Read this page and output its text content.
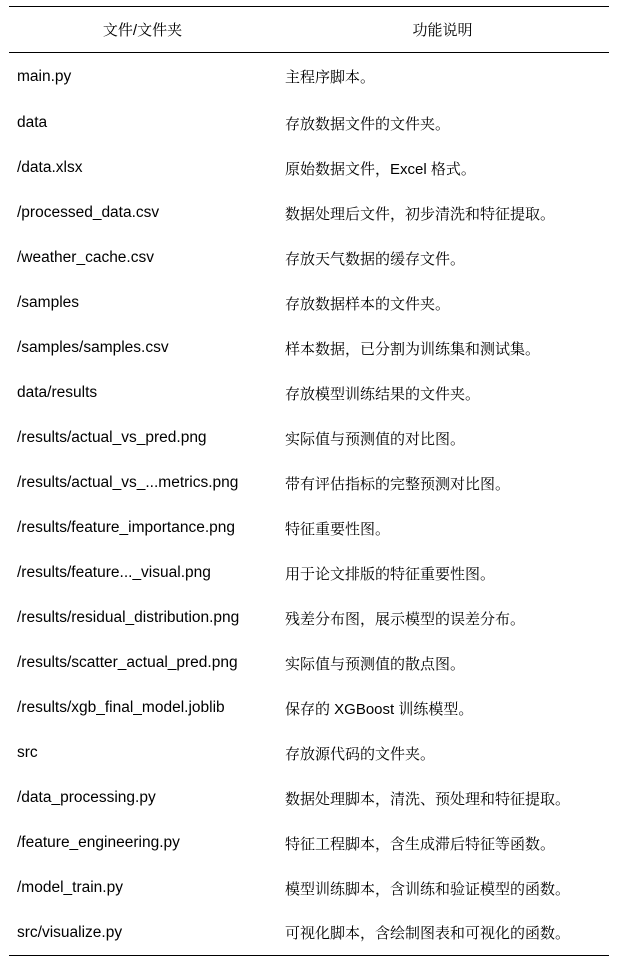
文件/文件夹	功能说明
main.py	主程序脚本。
data	存放数据文件的文件夹。
/data.xlsx	原始数据文件，Excel 格式。
/processed_data.csv	数据处理后文件，初步清洗和特征提取。
/weather_cache.csv	存放天气数据的缓存文件。
/samples	存放数据样本的文件夹。
/samples/samples.csv	样本数据，已分割为训练集和测试集。
data/results	存放模型训练结果的文件夹。
/results/actual_vs_pred.png	实际值与预测值的对比图。
/results/actual_vs_...metrics.png	带有评估指标的完整预测对比图。
/results/feature_importance.png	特征重要性图。
/results/feature..._visual.png	用于论文排版的特征重要性图。
/results/residual_distribution.png	残差分布图，展示模型的误差分布。
/results/scatter_actual_pred.png	实际值与预测值的散点图。
/results/xgb_final_model.joblib	保存的 XGBoost 训练模型。
src	存放源代码的文件夹。
/data_processing.py	数据处理脚本，清洗、预处理和特征提取。
/feature_engineering.py	特征工程脚本，含生成滞后特征等函数。
/model_train.py	模型训练脚本，含训练和验证模型的函数。
src/visualize.py	可视化脚本，含绘制图表和可视化的函数。
